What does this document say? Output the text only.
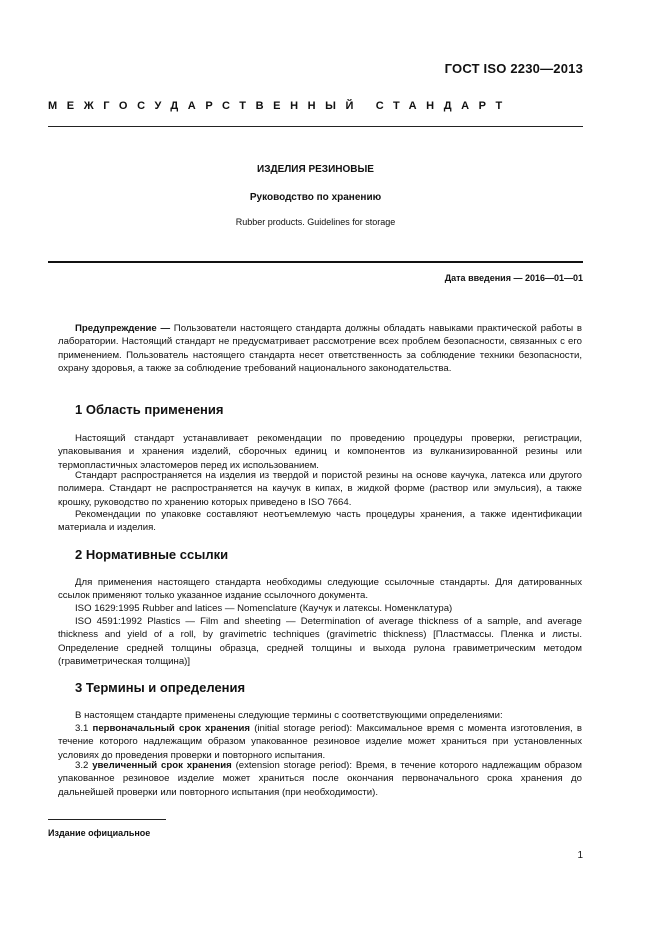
ГОСТ ISO 2230—2013
МЕЖГОСУДАРСТВЕННЫЙ СТАНДАРТ
ИЗДЕЛИЯ РЕЗИНОВЫЕ
Руководство по хранению
Rubber products. Guidelines for storage
Дата введения — 2016—01—01
Предупреждение — Пользователи настоящего стандарта должны обладать навыками практической работы в лаборатории. Настоящий стандарт не предусматривает рассмотрение всех проблем безопасности, связанных с его применением. Пользователь настоящего стандарта несет ответственность за соблюдение техники безопасности, охрану здоровья, а также за соблюдение требований национального законодательства.
1 Область применения
Настоящий стандарт устанавливает рекомендации по проведению процедуры проверки, регистрации, упаковывания и хранения изделий, сборочных единиц и компонентов из вулканизированной резины или термопластичных эластомеров перед их использованием.
Стандарт распространяется на изделия из твердой и пористой резины на основе каучука, латекса или другого полимера. Стандарт не распространяется на каучук в кипах, в жидкой форме (раствор или эмульсия), а также крошку, руководство по хранению которых приведено в ISO 7664.
Рекомендации по упаковке составляют неотъемлемую часть процедуры хранения, а также идентификации материала и изделия.
2 Нормативные ссылки
Для применения настоящего стандарта необходимы следующие ссылочные стандарты. Для датированных ссылок применяют только указанное издание ссылочного документа.
ISO 1629:1995 Rubber and latices — Nomenclature (Каучук и латексы. Номенклатура)
ISO 4591:1992 Plastics — Film and sheeting — Determination of average thickness of a sample, and average thickness and yield of a roll, by gravimetric techniques (gravimetric thickness) [Пластмассы. Пленка и листы. Определение средней толщины образца, средней толщины и выхода рулона гравиметрическим методом (гравиметрическая толщина)]
3 Термины и определения
В настоящем стандарте применены следующие термины с соответствующими определениями:
3.1 первоначальный срок хранения (initial storage period): Максимальное время с момента изготовления, в течение которого надлежащим образом упакованное резиновое изделие может храниться при установленных условиях до проведения проверки и повторного испытания.
3.2 увеличенный срок хранения (extension storage period): Время, в течение которого надлежащим образом упакованное резиновое изделие может храниться после окончания первоначального срока хранения до дальнейшей проверки или повторного испытания (при необходимости).
Издание официальное
1
